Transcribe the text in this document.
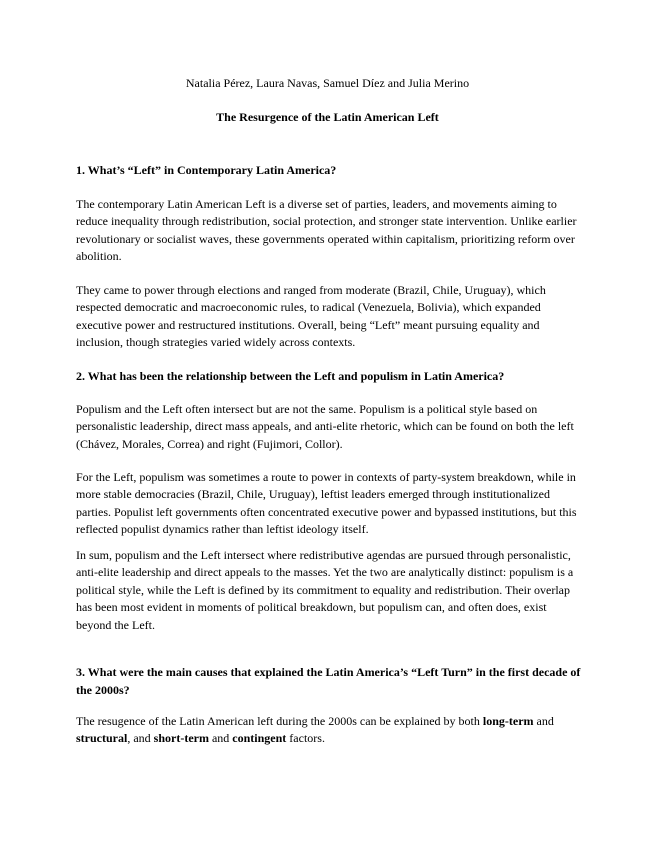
Natalia Pérez, Laura Navas, Samuel Díez and Julia Merino
The Resurgence of the Latin American Left
1. What’s “Left” in Contemporary Latin America?

The contemporary Latin American Left is a diverse set of parties, leaders, and movements aiming to reduce inequality through redistribution, social protection, and stronger state intervention. Unlike earlier revolutionary or socialist waves, these governments operated within capitalism, prioritizing reform over abolition.

They came to power through elections and ranged from moderate (Brazil, Chile, Uruguay), which respected democratic and macroeconomic rules, to radical (Venezuela, Bolivia), which expanded executive power and restructured institutions. Overall, being “Left” meant pursuing equality and inclusion, though strategies varied widely across contexts.

2. What has been the relationship between the Left and populism in Latin America?

Populism and the Left often intersect but are not the same. Populism is a political style based on personalistic leadership, direct mass appeals, and anti-elite rhetoric, which can be found on both the left (Chávez, Morales, Correa) and right (Fujimori, Collor).

For the Left, populism was sometimes a route to power in contexts of party-system breakdown, while in more stable democracies (Brazil, Chile, Uruguay), leftist leaders emerged through institutionalized parties. Populist left governments often concentrated executive power and bypassed institutions, but this reflected populist dynamics rather than leftist ideology itself.

In sum, populism and the Left intersect where redistributive agendas are pursued through personalistic, anti-elite leadership and direct appeals to the masses. Yet the two are analytically distinct: populism is a political style, while the Left is defined by its commitment to equality and redistribution. Their overlap has been most evident in moments of political breakdown, but populism can, and often does, exist beyond the Left.

3. What were the main causes that explained the Latin America’s “Left Turn” in the first decade of the 2000s?

The resugence of the Latin American left during the 2000s can be explained by both long-term and structural, and short-term and contingent factors.
